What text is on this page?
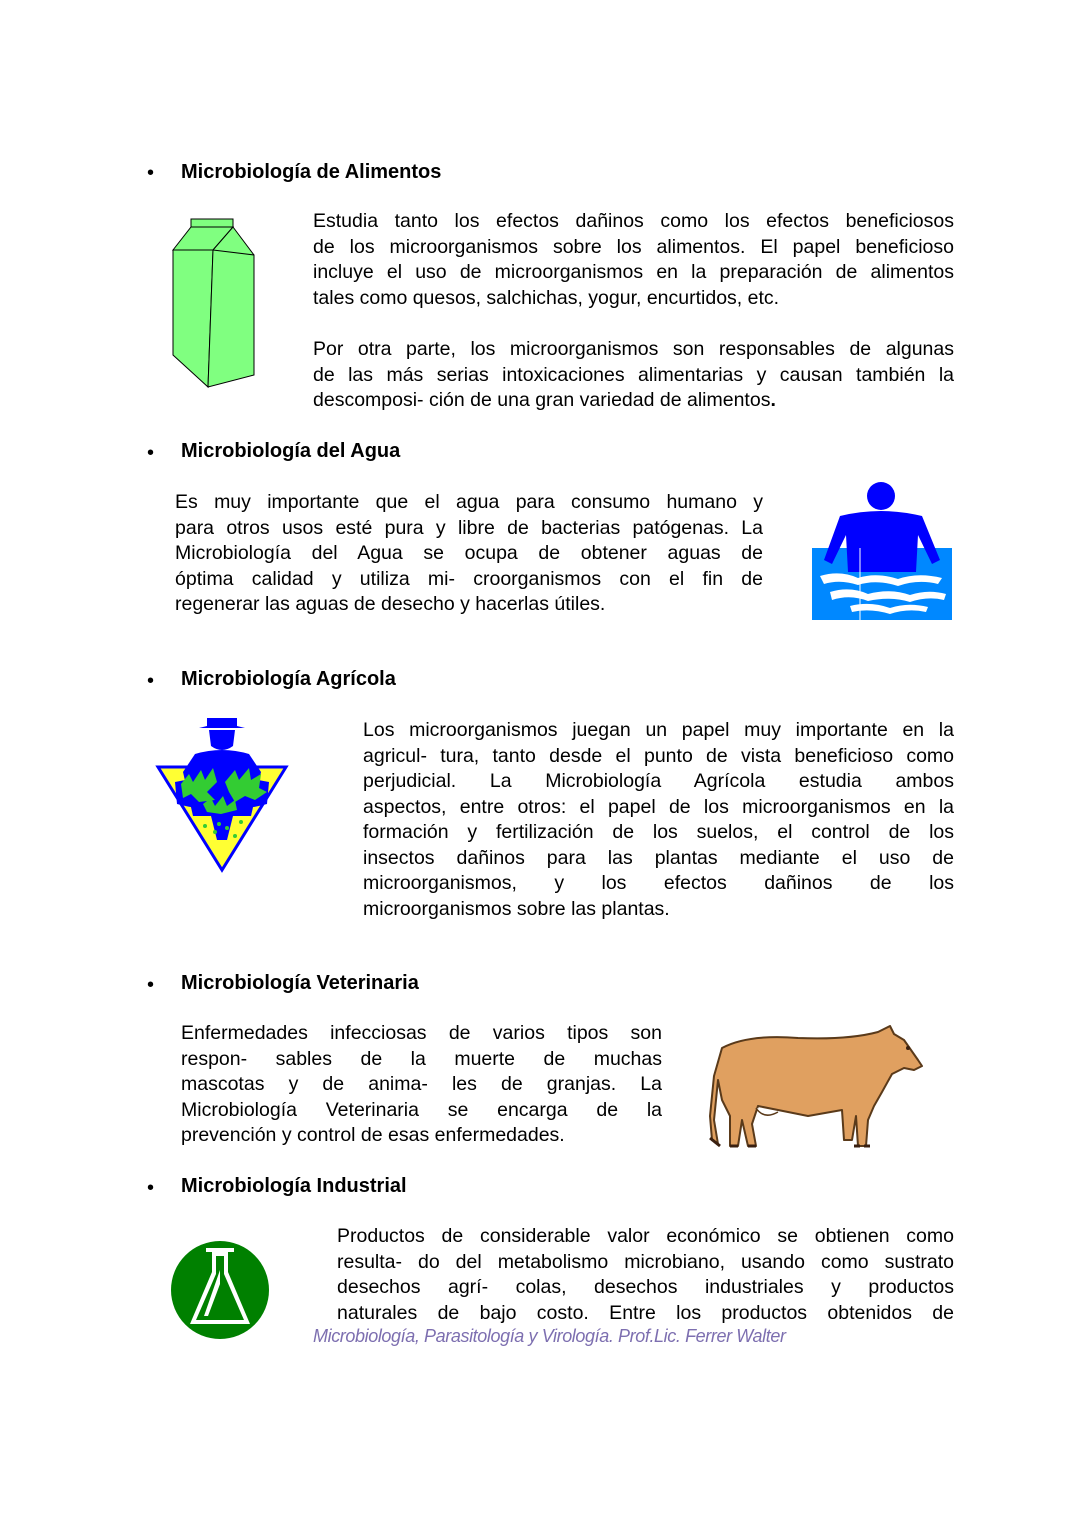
• Microbiología de Alimentos
Estudia tanto los efectos dañinos como los efectos beneficiosos
de los microorganismos sobre los alimentos. El papel beneficioso
incluye el uso de microorganismos en la preparación de alimentos
tales como quesos, salchichas, yogur, encurtidos, etc.
Por otra parte, los microorganismos son responsables de algunas
de las más serias intoxicaciones alimentarias y causan también la
descomposi- ción de una gran variedad de alimentos.
• Microbiología del Agua
Es muy importante que el agua para consumo humano y
para otros usos esté pura y libre de bacterias patógenas. La
Microbiología del Agua se ocupa de obtener aguas de
óptima calidad y utiliza mi- croorganismos con el fin de
regenerar las aguas de desecho y hacerlas útiles.
• Microbiología Agrícola
Los microorganismos juegan un papel muy importante en la
agricul- tura, tanto desde el punto de vista beneficioso como
perjudicial. La Microbiología Agrícola estudia ambos
aspectos, entre otros: el papel de los microorganismos en la
formación y fertilización de los suelos, el control de los
insectos dañinos para las plantas mediante el uso de
microorganismos, y los efectos dañinos de los
microorganismos sobre las plantas.
• Microbiología Veterinaria
Enfermedades infecciosas de varios tipos son
respon- sables de la muerte de muchas
mascotas y de anima- les de granjas. La
Microbiología Veterinaria se encarga de la
prevención y control de esas enfermedades.
• Microbiología Industrial
Productos de considerable valor económico se obtienen como
resulta- do del metabolismo microbiano, usando como sustrato
desechos agrí- colas, desechos industriales y productos
naturales de bajo costo. Entre los productos obtenidos de
Microbiología, Parasitología y Virología. Prof.Lic. Ferrer Walter
